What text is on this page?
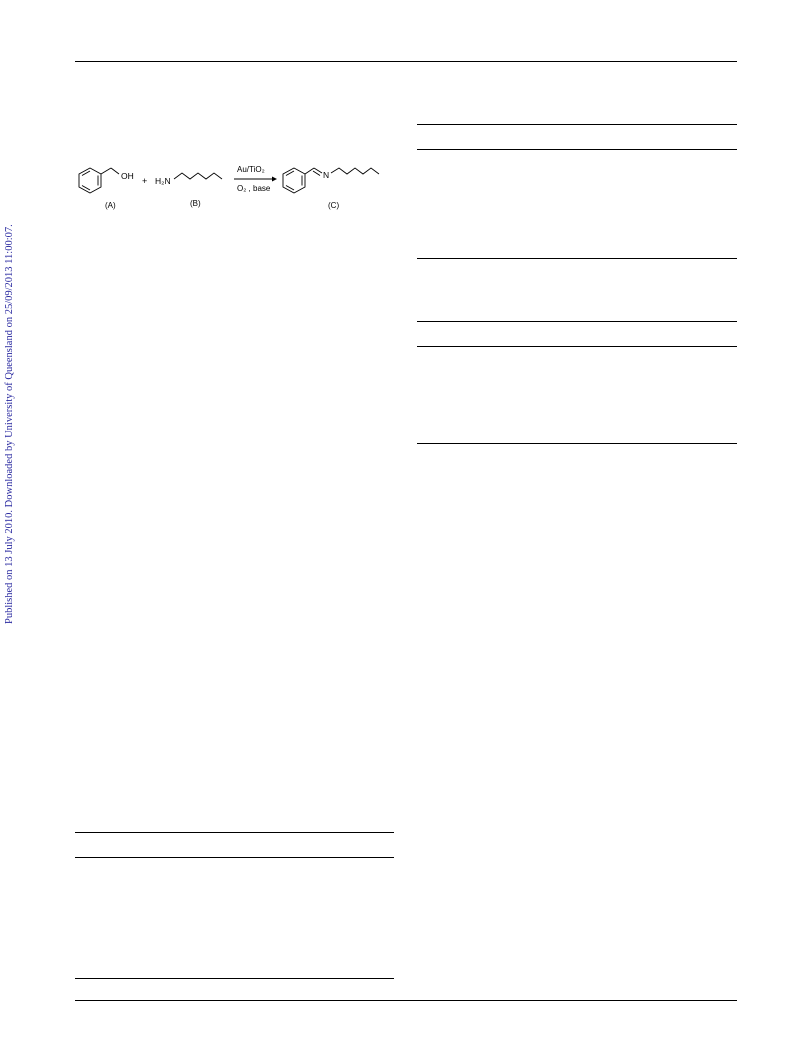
Published on 13 July 2010. Downloaded by University of Queensland on 25/09/2013 11:00:07.
OH + H₂N
Au/TiO₂
O₂ , base
N
(A)	(B)	(C)
